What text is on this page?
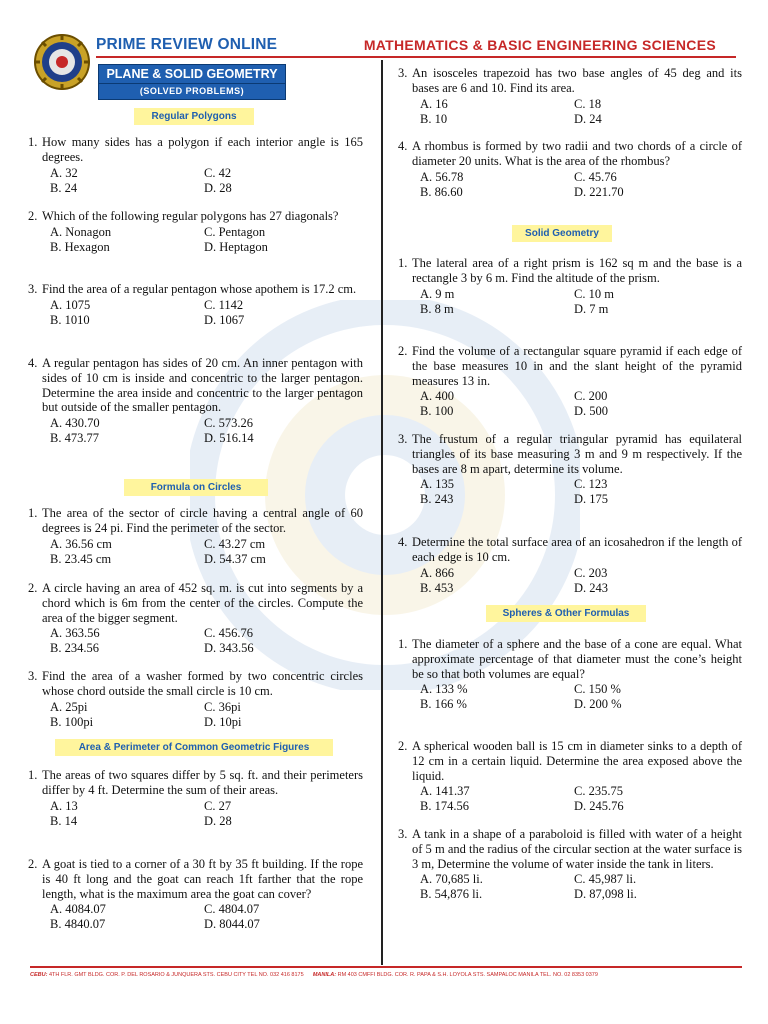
PRIME REVIEW ONLINE	MATHEMATICS & BASIC ENGINEERING SCIENCES
PLANE & SOLID GEOMETRY
(SOLVED PROBLEMS)
Regular Polygons
1. How many sides has a polygon if each interior angle is 165 degrees.
A. 32	C. 42
B. 24	D. 28
2. Which of the following regular polygons has 27 diagonals?
A. Nonagon	C. Pentagon
B. Hexagon	D. Heptagon
3. Find the area of a regular pentagon whose apothem is 17.2 cm.
A. 1075	C. 1142
B. 1010	D. 1067
4. A regular pentagon has sides of 20 cm. An inner pentagon with sides of 10 cm is inside and concentric to the larger pentagon. Determine the area inside and concentric to the larger pentagon but outside of the smaller pentagon.
A. 430.70	C. 573.26
B. 473.77	D. 516.14
Formula on Circles
1. The area of the sector of circle having a central angle of 60 degrees is 24 pi. Find the perimeter of the sector.
A. 36.56 cm	C. 43.27 cm
B. 23.45 cm	D. 54.37 cm
2. A circle having an area of 452 sq. m. is cut into segments by a chord which is 6m from the center of the circles. Compute the area of the bigger segment.
A. 363.56	C. 456.76
B. 234.56	D. 343.56
3. Find the area of a washer formed by two concentric circles whose chord outside the small circle is 10 cm.
A. 25pi	C. 36pi
B. 100pi	D. 10pi
Area & Perimeter of Common Geometric Figures
1. The areas of two squares differ by 5 sq. ft. and their perimeters differ by 4 ft. Determine the sum of their areas.
A. 13	C. 27
B. 14	D. 28
2. A goat is tied to a corner of a 30 ft by 35 ft building. If the rope is 40 ft long and the goat can reach 1ft farther that the rope length, what is the maximum area the goat can cover?
A. 4084.07	C. 4804.07
B. 4840.07	D. 8044.07
3. An isosceles trapezoid has two base angles of 45 deg and its bases are 6 and 10. Find its area.
A. 16	C. 18
B. 10	D. 24
4. A rhombus is formed by two radii and two chords of a circle of diameter 20 units. What is the area of the rhombus?
A. 56.78	C. 45.76
B. 86.60	D. 221.70
Solid Geometry
1. The lateral area of a right prism is 162 sq m and the base is a rectangle 3 by 6 m. Find the altitude of the prism.
A. 9 m	C. 10 m
B. 8 m	D. 7 m
2. Find the volume of a rectangular square pyramid if each edge of the base measures 10 in and the slant height of the pyramid measures 13 in.
A. 400	C. 200
B. 100	D. 500
3. The frustum of a regular triangular pyramid has equilateral triangles of its base measuring 3 m and 9 m respectively. If the bases are 8 m apart, determine its volume.
A. 135	C. 123
B. 243	D. 175
4. Determine the total surface area of an icosahedron if the length of each edge is 10 cm.
A. 866	C. 203
B. 453	D. 243
Spheres & Other Formulas
1. The diameter of a sphere and the base of a cone are equal. What approximate percentage of that diameter must the cone’s height be so that both volumes are equal?
A. 133 %	C. 150 %
B. 166 %	D. 200 %
2. A spherical wooden ball is 15 cm in diameter sinks to a depth of 12 cm in a certain liquid. Determine the area exposed above the liquid.
A. 141.37	C. 235.75
B. 174.56	D. 245.76
3. A tank in a shape of a paraboloid is filled with water of a height of 5 m and the radius of the circular section at the water surface is 3 m, Determine the volume of water inside the tank in liters.
A. 70,685 li.	C. 45,987 li.
B. 54,876 li.	D. 87,098 li.
CEBU: 4TH FLR. GMT BLDG. COR. P. DEL ROSARIO & JUNQUERA STS. CEBU CITY TEL NO. 032 416 8175 MANILA: RM 403 CMFFI BLDG. COR. R. PAPA & S.H. LOYOLA STS. SAMPALOC MANILA TEL. NO. 02 8353 0379
